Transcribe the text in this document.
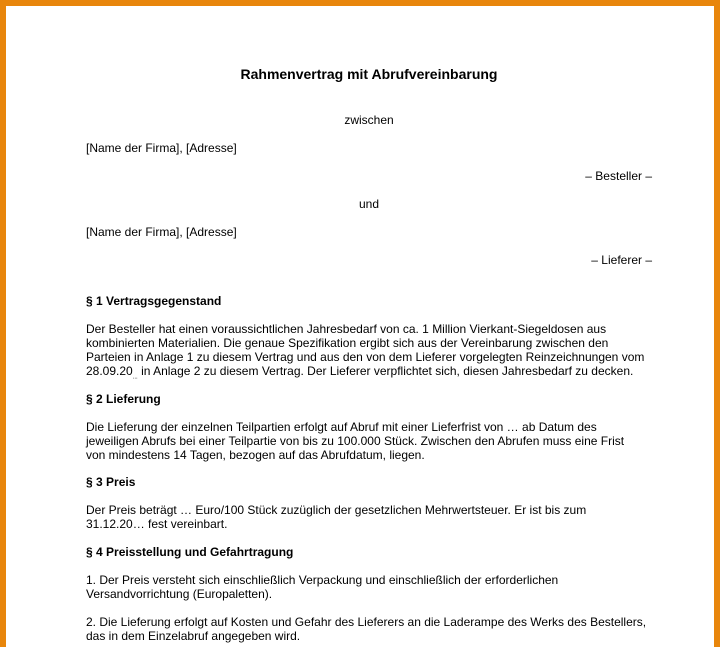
Rahmenvertrag mit Abrufvereinbarung
zwischen
[Name der Firma], [Adresse]
– Besteller –
und
[Name der Firma], [Adresse]
– Lieferer –
§ 1 Vertragsgegenstand
Der Besteller hat einen voraussichtlichen Jahresbedarf von ca. 1 Million Vierkant-Siegeldosen aus
kombinierten Materialien. Die genaue Spezifikation ergibt sich aus der Vereinbarung zwischen den
Parteien in Anlage 1 zu diesem Vertrag und aus den von dem Lieferer vorgelegten Reinzeichnungen vom
$28.09.20_{...}$ in Anlage 2 zu diesem Vertrag. Der Lieferer verpflichtet sich, diesen Jahresbedarf zu decken.
§ 2 Lieferung
Die Lieferung der einzelnen Teilpartien erfolgt auf Abruf mit einer Lieferfrist von … ab Datum des
jeweiligen Abrufs bei einer Teilpartie von bis zu 100.000 Stück. Zwischen den Abrufen muss eine Frist
von mindestens 14 Tagen, bezogen auf das Abrufdatum, liegen.
§ 3 Preis
Der Preis beträgt … Euro/100 Stück zuzüglich der gesetzlichen Mehrwertsteuer. Er ist bis zum
31.12.20… fest vereinbart.
§ 4 Preisstellung und Gefahrtragung
1. Der Preis versteht sich einschließlich Verpackung und einschließlich der erforderlichen
Versandvorrichtung (Europaletten).
2. Die Lieferung erfolgt auf Kosten und Gefahr des Lieferers an die Laderampe des Werks des Bestellers,
das in dem Einzelabruf angegeben wird.
